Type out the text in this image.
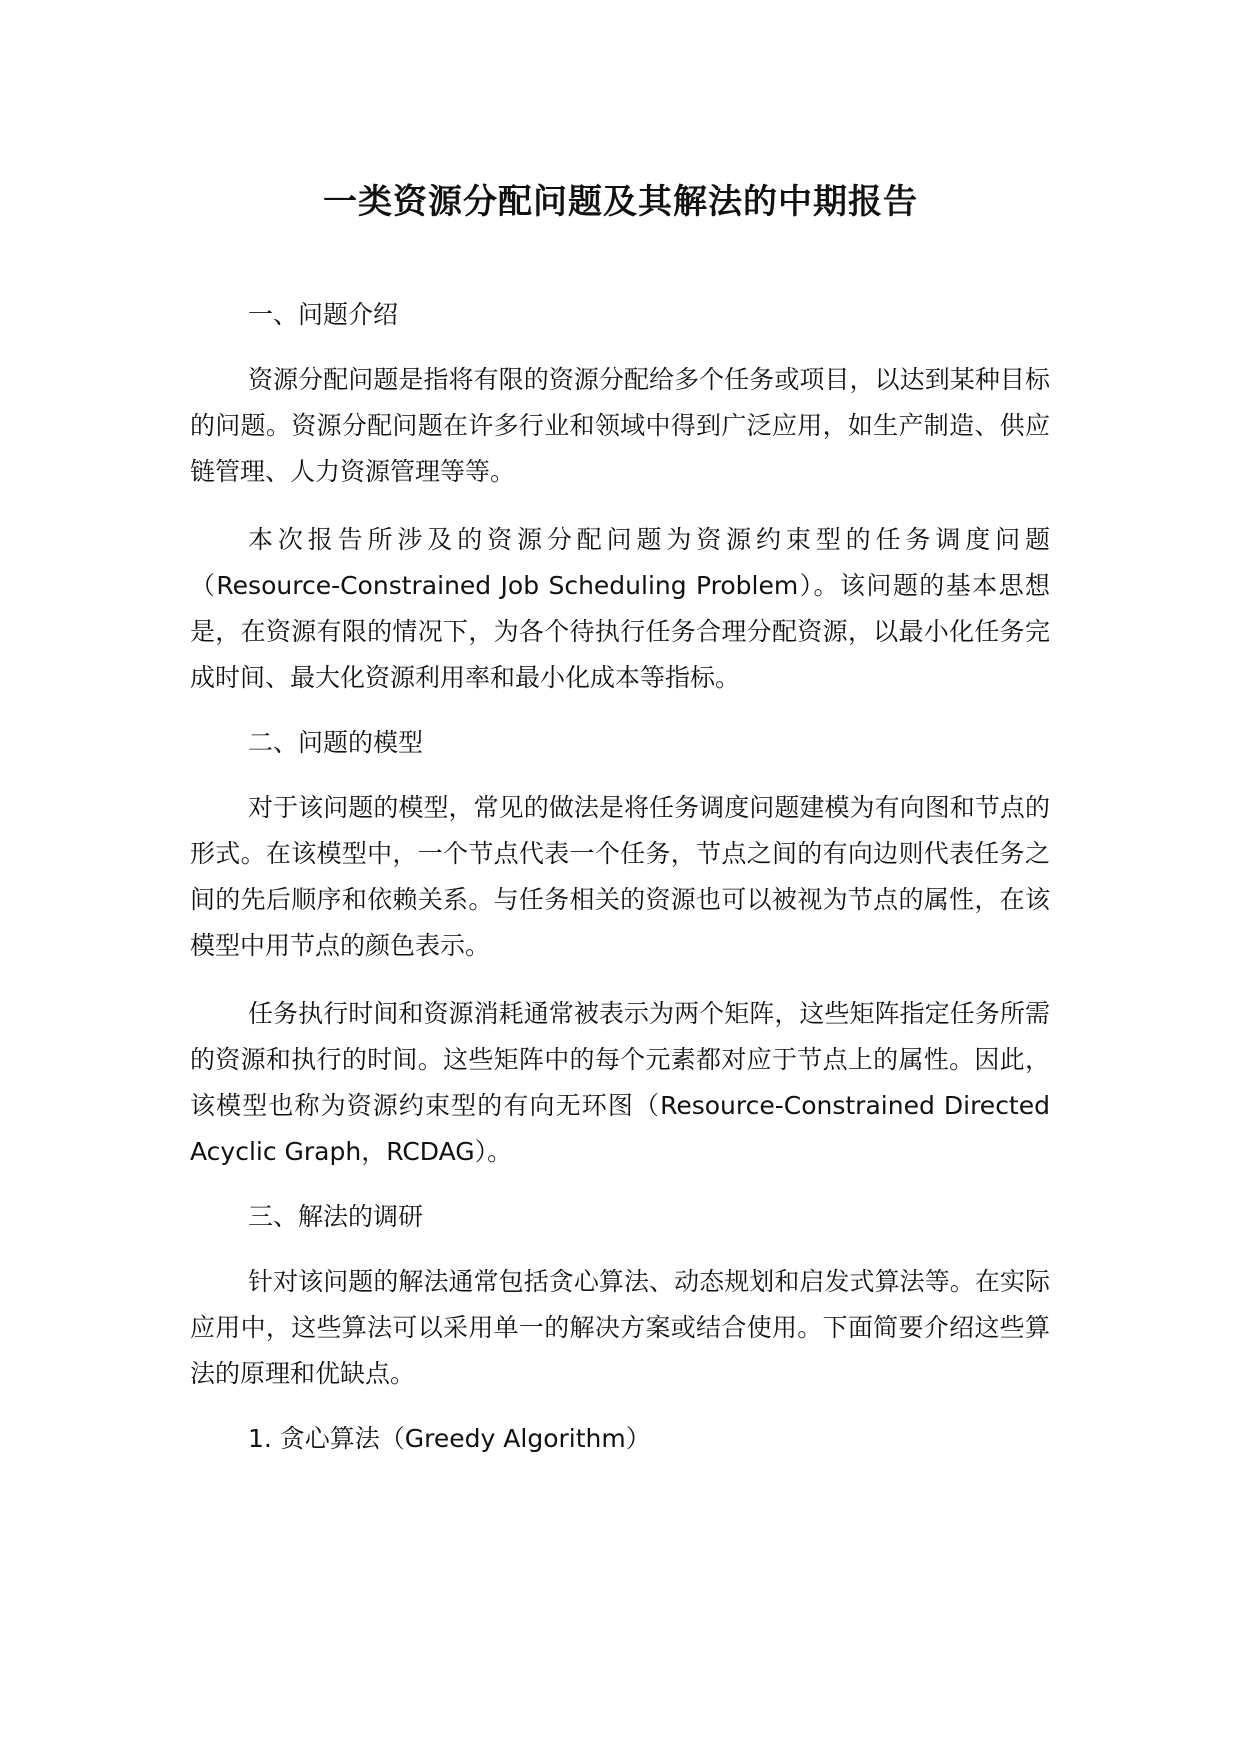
一类资源分配问题及其解法的中期报告

一、问题介绍

资源分配问题是指将有限的资源分配给多个任务或项目，以达到某种目标的问题。资源分配问题在许多行业和领域中得到广泛应用，如生产制造、供应链管理、人力资源管理等等。

本次报告所涉及的资源分配问题为资源约束型的任务调度问题（Resource-Constrained Job Scheduling Problem）。该问题的基本思想是，在资源有限的情况下，为各个待执行任务合理分配资源，以最小化任务完成时间、最大化资源利用率和最小化成本等指标。

二、问题的模型

对于该问题的模型，常见的做法是将任务调度问题建模为有向图和节点的形式。在该模型中，一个节点代表一个任务，节点之间的有向边则代表任务之间的先后顺序和依赖关系。与任务相关的资源也可以被视为节点的属性，在该模型中用节点的颜色表示。

任务执行时间和资源消耗通常被表示为两个矩阵，这些矩阵指定任务所需的资源和执行的时间。这些矩阵中的每个元素都对应于节点上的属性。因此，该模型也称为资源约束型的有向无环图（Resource-Constrained Directed Acyclic Graph，RCDAG）。

三、解法的调研

针对该问题的解法通常包括贪心算法、动态规划和启发式算法等。在实际应用中，这些算法可以采用单一的解决方案或结合使用。下面简要介绍这些算法的原理和优缺点。

1. 贪心算法（Greedy Algorithm）
